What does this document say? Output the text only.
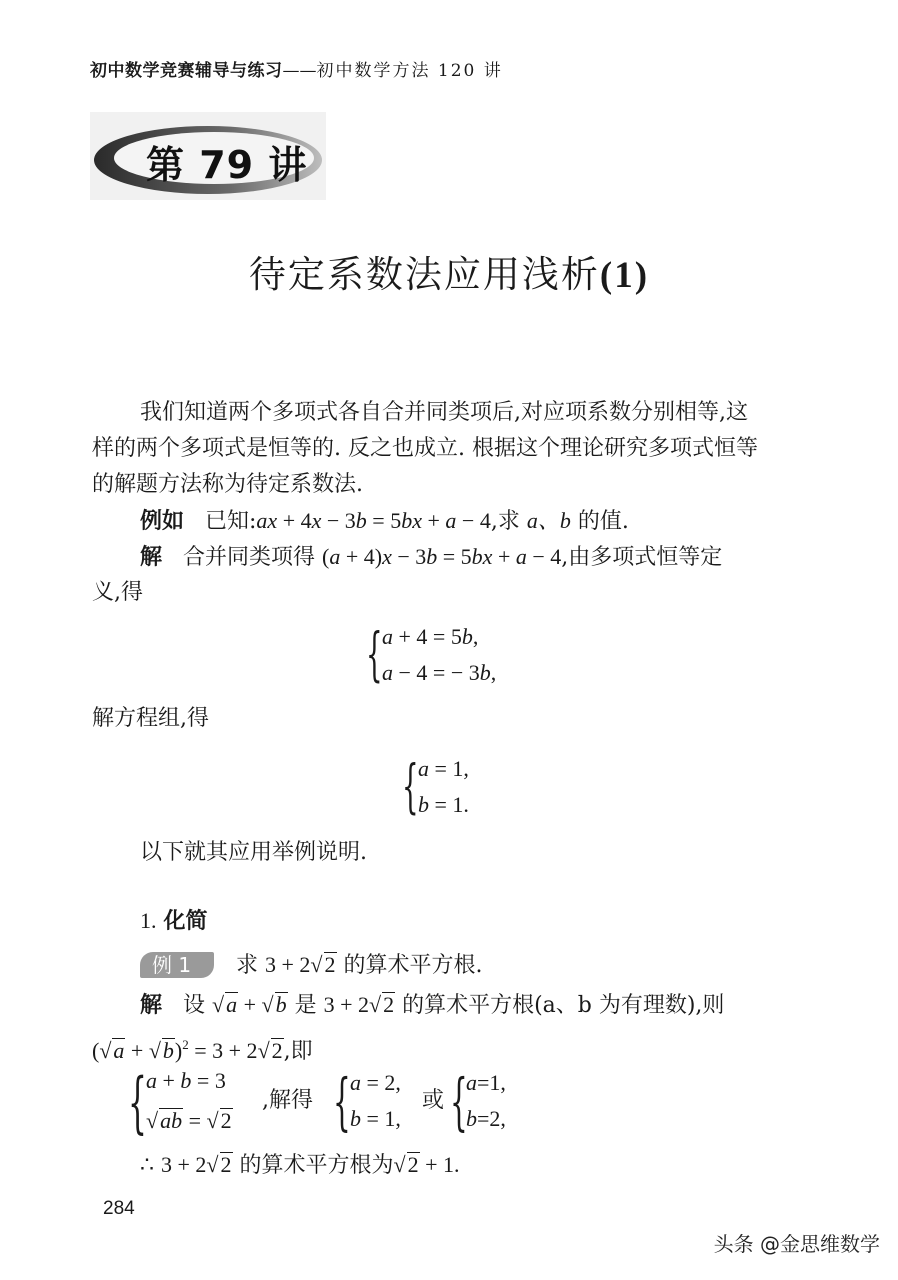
初中数学竞赛辅导与练习——初中数学方法 120 讲
第 79 讲
待定系数法应用浅析(1)
我们知道两个多项式各自合并同类项后,对应项系数分别相等,这
样的两个多项式是恒等的. 反之也成立. 根据这个理论研究多项式恒等
的解题方法称为待定系数法.
例如 已知:ax + 4x − 3b = 5bx + a − 4,求 a、b 的值.
解 合并同类项得 (a + 4)x − 3b = 5bx + a − 4,由多项式恒等定
义,得
{ a + 4 = 5b,
a − 4 = − 3b,
解方程组,得
{ a = 1,
b = 1.
以下就其应用举例说明.
1. 化简
例 1 求 3 + 2√2 的算术平方根.
解 设 √a + √b 是 3 + 2√2 的算术平方根(a、b 为有理数),则
$(√a + √b)^2 = 3 + 2√2$,即
{ a + b = 3
√ab = √2
,解得 { a = 2,
b = 1,
或 {
a=1,
b=2,
∴ 3 + 2√2 的算术平方根为√2 + 1.
284
头条 @金思维数学
